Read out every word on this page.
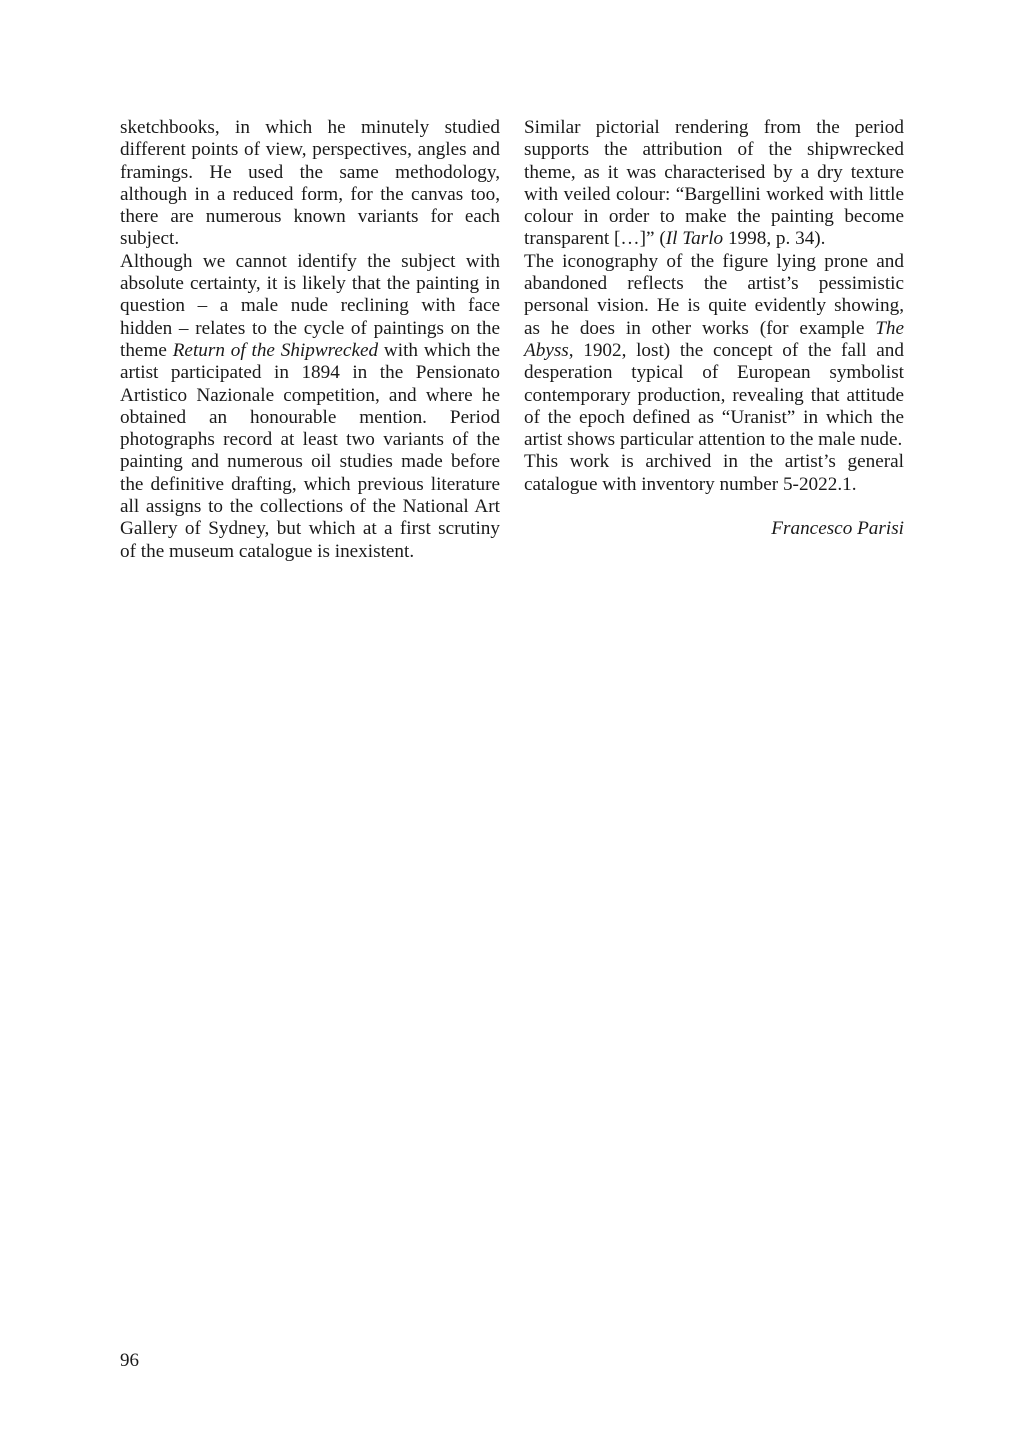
sketchbooks, in which he minutely studied different points of view, perspectives, angles and framings. He used the same methodology, although in a reduced form, for the canvas too, there are numerous known variants for each subject.

Although we cannot identify the subject with absolute certainty, it is likely that the painting in question – a male nude reclining with face hidden – relates to the cycle of paintings on the theme Return of the Shipwrecked with which the artist participated in 1894 in the Pensionato Artistico Nazionale competition, and where he obtained an honourable mention. Period photographs record at least two variants of the painting and numerous oil studies made before the definitive drafting, which previous literature all assigns to the collections of the National Art Gallery of Sydney, but which at a first scrutiny of the museum catalogue is inexistent.

Similar pictorial rendering from the period supports the attribution of the shipwrecked theme, as it was characterised by a dry texture with veiled colour: “Bargellini worked with little colour in order to make the painting become transparent […]” (Il Tarlo 1998, p. 34).

The iconography of the figure lying prone and abandoned reflects the artist’s pessimistic personal vision. He is quite evidently showing, as he does in other works (for example The Abyss, 1902, lost) the concept of the fall and desperation typical of European symbolist contemporary production, revealing that attitude of the epoch defined as “Uranist” in which the artist shows particular attention to the male nude.

This work is archived in the artist’s general catalogue with inventory number 5-2022.1.

Francesco Parisi

96
